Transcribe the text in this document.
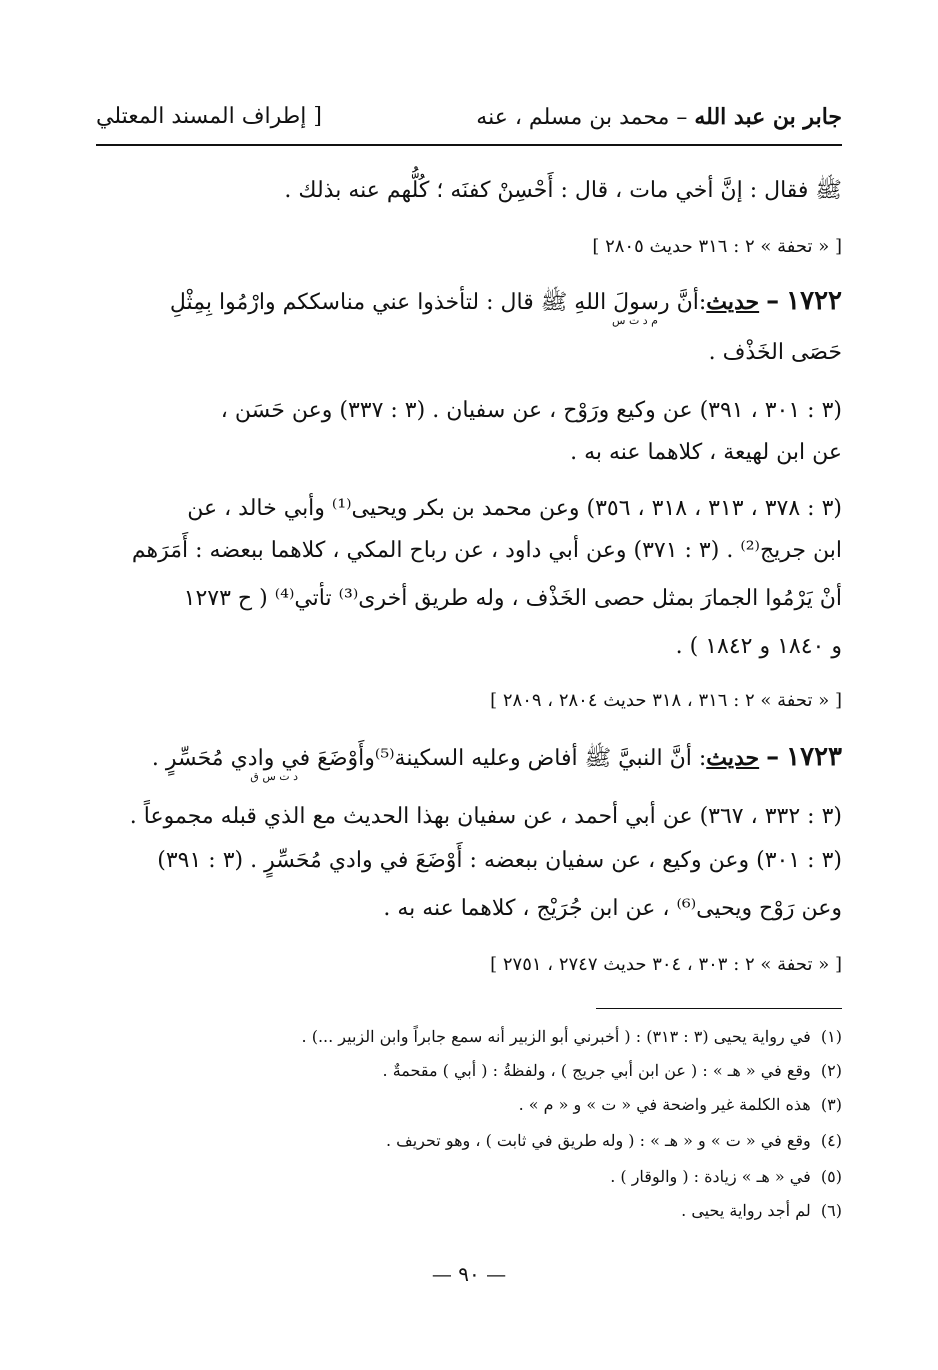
جابر بن عبد الله – محمد بن مسلم ، عنه
[ إطراف المسند المعتلي
ﷺ فقال : إنَّ أخي مات ، قال : أَحْسِنْ كفنَه ؛ كُلُّهم عنه بذلك .
[ « تحفة » ٢ : ٣١٦ حديث ٢٨٠٥ ]
١٧٢٢ – حديث:أنَّ رسولَ اللهِ ﷺ قال : لتأخذوا عني مناسككم وارْمُوا بِمِثْلِ
م د ت س
حَصَى الخَذْف .
(٣ : ٣٠١ ، ٣٩١) عن وكيع ورَوْح ، عن سفيان . (٣ : ٣٣٧) وعن حَسَن ،
عن ابن لهيعة ، كلاهما عنه به .
(٣ : ٣٧٨ ، ٣١٣ ، ٣١٨ ، ٣٥٦) وعن محمد بن بكر ويحيى⁽¹⁾ وأبي خالد ، عن
ابن جريج⁽²⁾ . (٣ : ٣٧١) وعن أبي داود ، عن رباح المكي ، كلاهما ببعضه : أَمَرَهم
أنْ يَرْمُوا الجمارَ بمثل حصى الخَذْف ، وله طريق أخرى⁽³⁾ تأتي⁽⁴⁾ ( ح ١٢٧٣
و ١٨٤٠ و ١٨٤٢ ) .
[ « تحفة » ٢ : ٣١٦ ، ٣١٨ حديث ٢٨٠٤ ، ٢٨٠٩ ]
١٧٢٣ – حديث: أنَّ النبيَّ ﷺ أفاض وعليه السكينة⁽⁵⁾وأَوْضَعَ في وادي مُحَسِّرٍ .
د ت س ق
(٣ : ٣٣٢ ، ٣٦٧) عن أبي أحمد ، عن سفيان بهذا الحديث مع الذي قبله مجموعاً .
(٣ : ٣٠١) وعن وكيع ، عن سفيان ببعضه : أَوْضَعَ في وادي مُحَسِّرٍ . (٣ : ٣٩١)
وعن رَوْح ويحيى⁽⁶⁾ ، عن ابن جُرَيْج ، كلاهما عنه به .
[ « تحفة » ٢ : ٣٠٣ ، ٣٠٤ حديث ٢٧٤٧ ، ٢٧٥١ ]
(١)  في رواية يحيى (٣ : ٣١٣) : ( أخبرني أبو الزبير أنه سمع جابراً وابن الزبير ...) .
(٢)  وقع في « هـ » : ( عن ابن أبي جريج ) ، ولفظةُ : ( أبي ) مقحمةٌ .
(٣)  هذه الكلمة غير واضحة في « ت » و « م » .
(٤)  وقع في « ت » و « هـ » : ( وله طريق في ثابت ) ، وهو تحريف .
(٥)  في « هـ » زيادة : ( والوقار ) .
(٦)  لم أجد رواية يحيى .
— ٩٠ —
